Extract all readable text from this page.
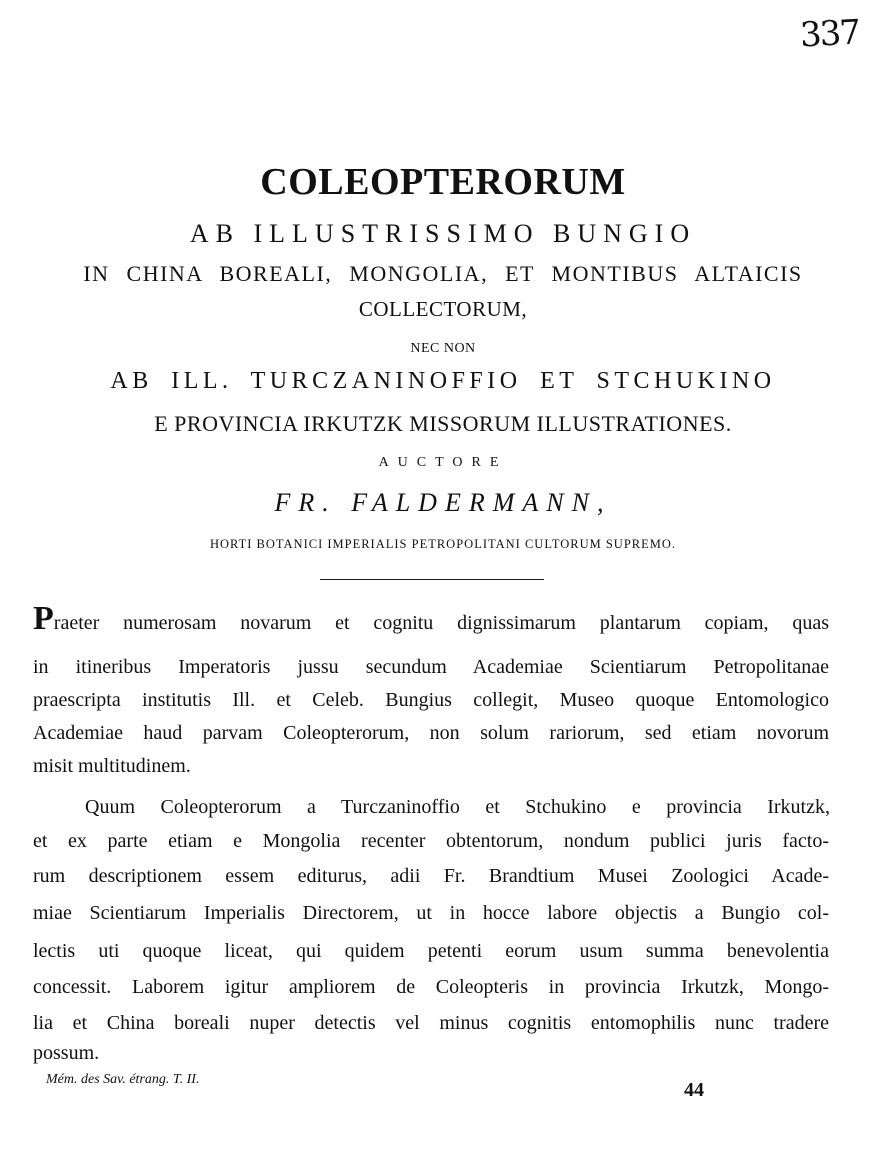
337
COLEOPTERORUM
AB ILLUSTRISSIMO BUNGIO
IN CHINA BOREALI, MONGOLIA, ET MONTIBUS ALTAICIS
COLLECTORUM,
NEC NON
AB ILL. TURCZANINOFFIO ET STCHUKINO
E PROVINCIA IRKUTZK MISSORUM ILLUSTRATIONES.
AUCTORE
FR. FALDERMANN,
HORTI BOTANICI IMPERIALIS PETROPOLITANI CULTORUM SUPREMO.
Praeter numerosam novarum et cognitu dignissimarum plantarum copiam, quas
in itineribus Imperatoris jussu secundum Academiae Scientiarum Petropolitanae
praescripta institutis Ill. et Celeb. Bungius collegit, Museo quoque Entomologico
Academiae haud parvam Coleopterorum, non solum rariorum, sed etiam novorum
misit multitudinem.
Quum Coleopterorum a Turczaninoffio et Stchukino e provincia Irkutzk,
et ex parte etiam e Mongolia recenter obtentorum, nondum publici juris facto-
rum descriptionem essem editurus, adii Fr. Brandtium Musei Zoologici Acade-
miae Scientiarum Imperialis Directorem, ut in hocce labore objectis a Bungio col-
lectis uti quoque liceat, qui quidem petenti eorum usum summa benevolentia
concessit. Laborem igitur ampliorem de Coleopteris in provincia Irkutzk, Mongo-
lia et China boreali nuper detectis vel minus cognitis entomophilis nunc tradere
possum.
Mém. des Sav. étrang. T. II.	44
